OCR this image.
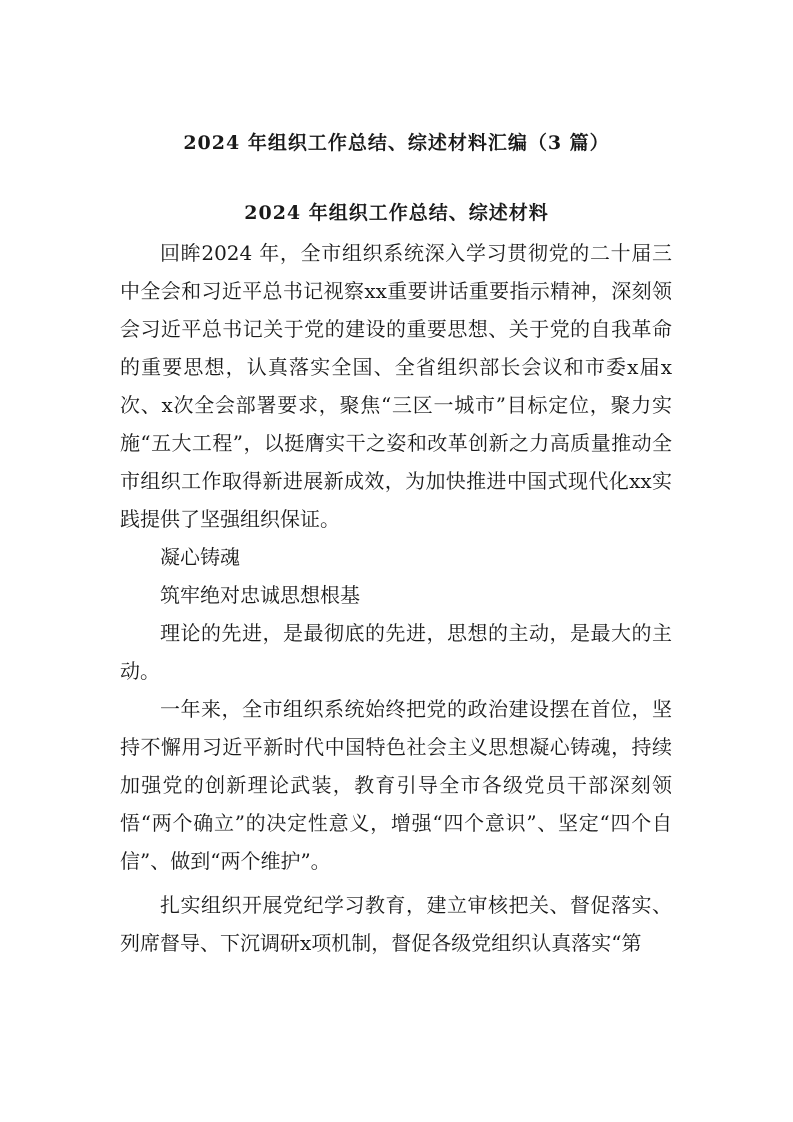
2024 年组织工作总结、综述材料汇编（3 篇）
2024 年组织工作总结、综述材料

回眸2024 年，全市组织系统深入学习贯彻党的二十届三中全会和习近平总书记视察xx重要讲话重要指示精神，深刻领会习近平总书记关于党的建设的重要思想、关于党的自我革命的重要思想，认真落实全国、全省组织部长会议和市委x届x次、x次全会部署要求，聚焦“三区一城市”目标定位，聚力实施“五大工程”，以挺膺实干之姿和改革创新之力高质量推动全市组织工作取得新进展新成效，为加快推进中国式现代化xx实践提供了坚强组织保证。

凝心铸魂

筑牢绝对忠诚思想根基

理论的先进，是最彻底的先进，思想的主动，是最大的主动。

一年来，全市组织系统始终把党的政治建设摆在首位，坚持不懈用习近平新时代中国特色社会主义思想凝心铸魂，持续加强党的创新理论武装，教育引导全市各级党员干部深刻领悟“两个确立”的决定性意义，增强“四个意识”、坚定“四个自信”、做到“两个维护”。

扎实组织开展党纪学习教育，建立审核把关、督促落实、列席督导、下沉调研x项机制，督促各级党组织认真落实“第
